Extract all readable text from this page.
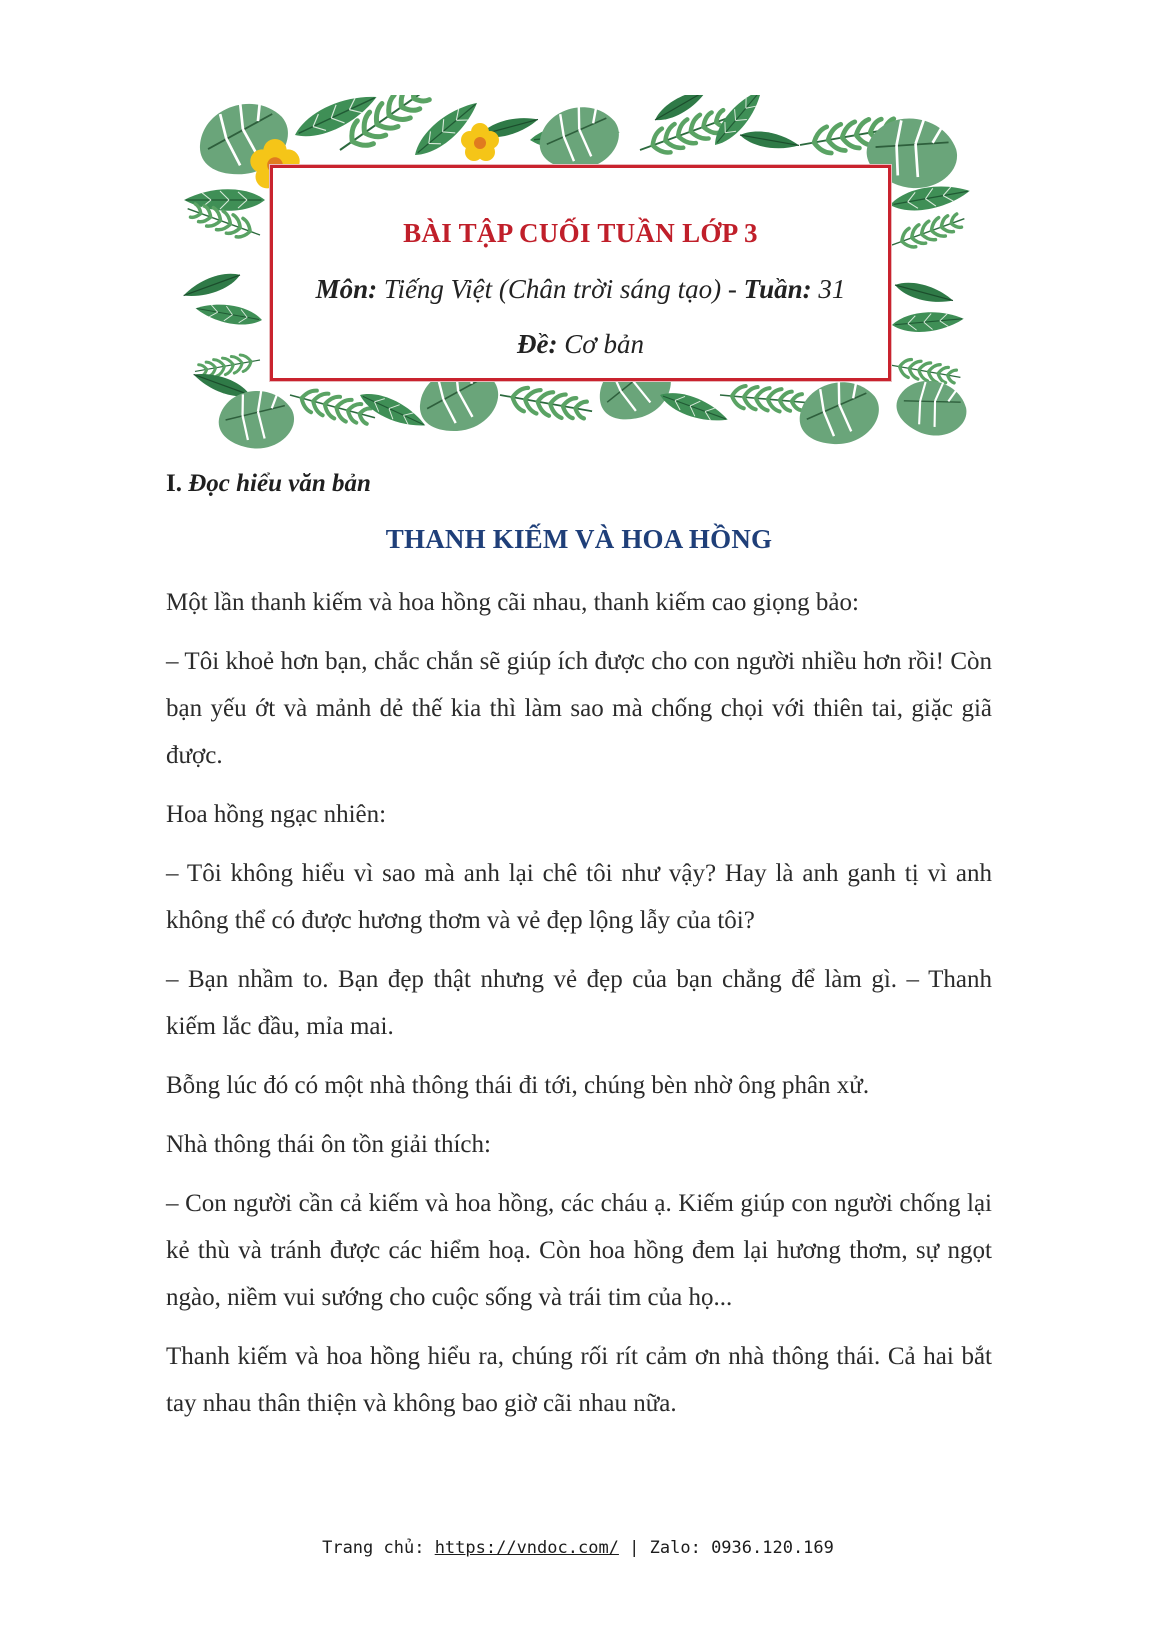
BÀI TẬP CUỐI TUẦN LỚP 3
Môn: Tiếng Việt (Chân trời sáng tạo) - Tuần: 31
Đề: Cơ bản
I. Đọc hiểu văn bản
THANH KIẾM VÀ HOA HỒNG

Một lần thanh kiếm và hoa hồng cãi nhau, thanh kiếm cao giọng bảo:

– Tôi khoẻ hơn bạn, chắc chắn sẽ giúp ích được cho con người nhiều hơn rồi! Còn bạn yếu ớt và mảnh dẻ thế kia thì làm sao mà chống chọi với thiên tai, giặc giã được.

Hoa hồng ngạc nhiên:

– Tôi không hiểu vì sao mà anh lại chê tôi như vậy? Hay là anh ganh tị vì anh không thể có được hương thơm và vẻ đẹp lộng lẫy của tôi?

– Bạn nhầm to. Bạn đẹp thật nhưng vẻ đẹp của bạn chẳng để làm gì. – Thanh kiếm lắc đầu, mỉa mai.

Bỗng lúc đó có một nhà thông thái đi tới, chúng bèn nhờ ông phân xử.

Nhà thông thái ôn tồn giải thích:

– Con người cần cả kiếm và hoa hồng, các cháu ạ. Kiếm giúp con người chống lại kẻ thù và tránh được các hiểm hoạ. Còn hoa hồng đem lại hương thơm, sự ngọt ngào, niềm vui sướng cho cuộc sống và trái tim của họ...

Thanh kiếm và hoa hồng hiểu ra, chúng rối rít cảm ơn nhà thông thái. Cả hai bắt tay nhau thân thiện và không bao giờ cãi nhau nữa.

Trang chủ: https://vndoc.com/ | Zalo: 0936.120.169
